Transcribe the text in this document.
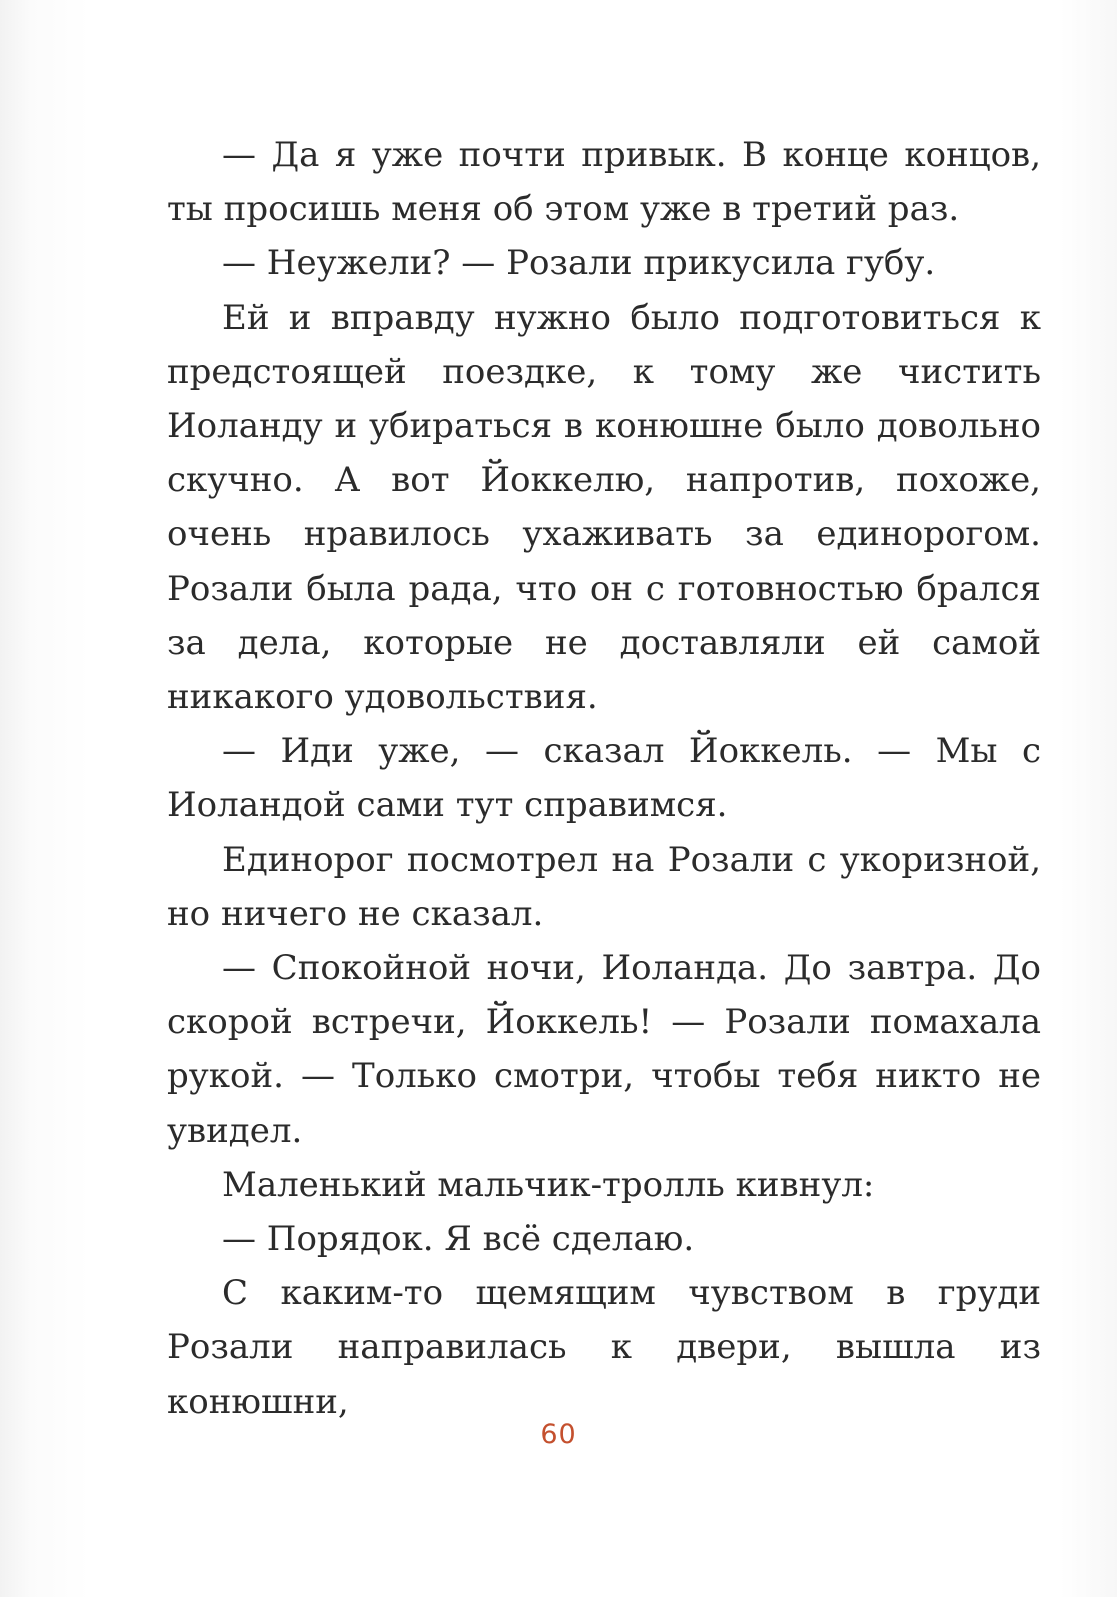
— Да я уже почти привык. В конце концов, ты просишь меня об этом уже в третий раз.

— Неужели? — Розали прикусила губу.

Ей и вправду нужно было подготовиться к предстоящей поездке, к тому же чистить Иоланду и убираться в конюшне было довольно скучно. А вот Йоккелю, напротив, похоже, очень нравилось ухаживать за единорогом. Розали была рада, что он с готовностью брался за дела, которые не доставляли ей самой никакого удовольствия.

— Иди уже, — сказал Йоккель. — Мы с Иоландой сами тут справимся.

Единорог посмотрел на Розали с укоризной, но ничего не сказал.

— Спокойной ночи, Иоланда. До завтра. До скорой встречи, Йоккель! — Розали помахала рукой. — Только смотри, чтобы тебя никто не увидел.

Маленький мальчик-тролль кивнул:

— Порядок. Я всё сделаю.

С каким-то щемящим чувством в груди Розали направилась к двери, вышла из конюшни,

60
